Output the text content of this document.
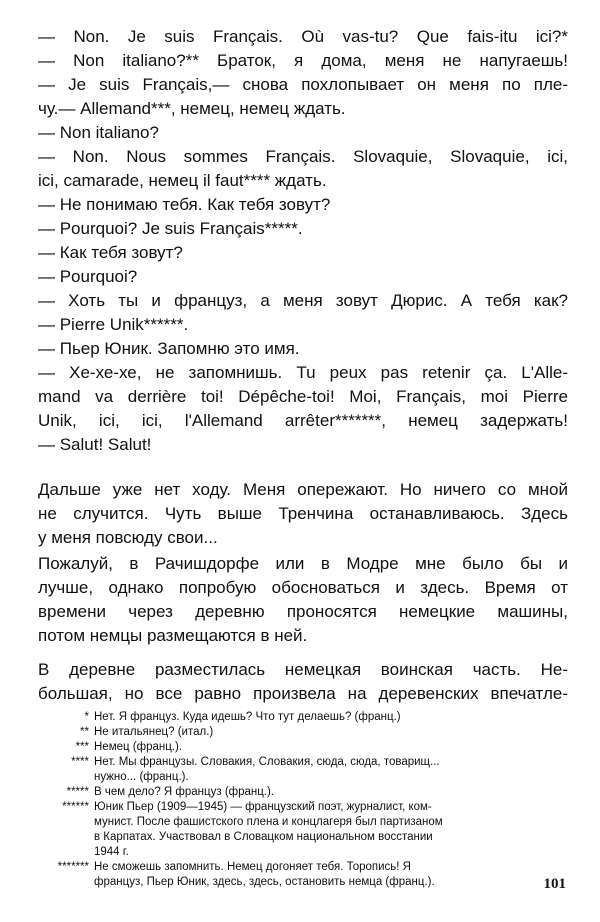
— Non. Je suis Français. Où vas-tu? Que fais-itu ici?*
— Non italiano?** Браток, я дома, меня не напугаешь!
— Je suis Français,— снова похлопывает он меня по пле-
чу.— Allemand***, немец, немец ждать.
— Non italiano?
— Non. Nous sommes Français. Slovaquie, Slovaquie, ici,
ici, camarade, немец il faut**** ждать.
— Не понимаю тебя. Как тебя зовут?
— Pourquoi? Je suis Français*****.
— Как тебя зовут?
— Pourquoi?
— Хоть ты и француз, а меня зовут Дюрис. А тебя как?
— Pierre Unik******.
— Пьер Юник. Запомню это имя.
— Хе-хе-хе, не запомнишь. Tu peux pas retenir ça. L'Alle-
mand va derrière toi! Dépêche-toi! Moi, Français, moi Pierre
Unik, ici, ici, l'Allemand arrêter*******, немец задержать!
— Salut! Salut!
Дальше уже нет ходу. Меня опережают. Но ничего со мной
не случится. Чуть выше Тренчина останавливаюсь. Здесь
у меня повсюду свои...
Пожалуй, в Рачишдорфе или в Модре мне было бы и
лучше, однако попробую обосноваться и здесь. Время от
времени через деревню проносятся немецкие машины,
потом немцы размещаются в ней.
В деревне разместилась немецкая воинская часть. Не-
большая, но все равно произвела на деревенских впечатле-
* Нет. Я француз. Куда идешь? Что тут делаешь? (франц.)
** Не итальянец? (итал.)
*** Немец (франц.).
**** Нет. Мы французы. Словакия, Словакия, сюда, сюда, товарищ...
нужно... (франц.).
***** В чем дело? Я француз (франц.).
****** Юник Пьер (1909—1945) — французский поэт, журналист, ком-
мунист. После фашистского плена и концлагеря был партизаном
в Карпатах. Участвовал в Словацком национальном восстании
1944 г.
******* Не сможешь запомнить. Немец догоняет тебя. Торопись! Я
француз, Пьер Юник, здесь, здесь, остановить немца (франц.).	101
